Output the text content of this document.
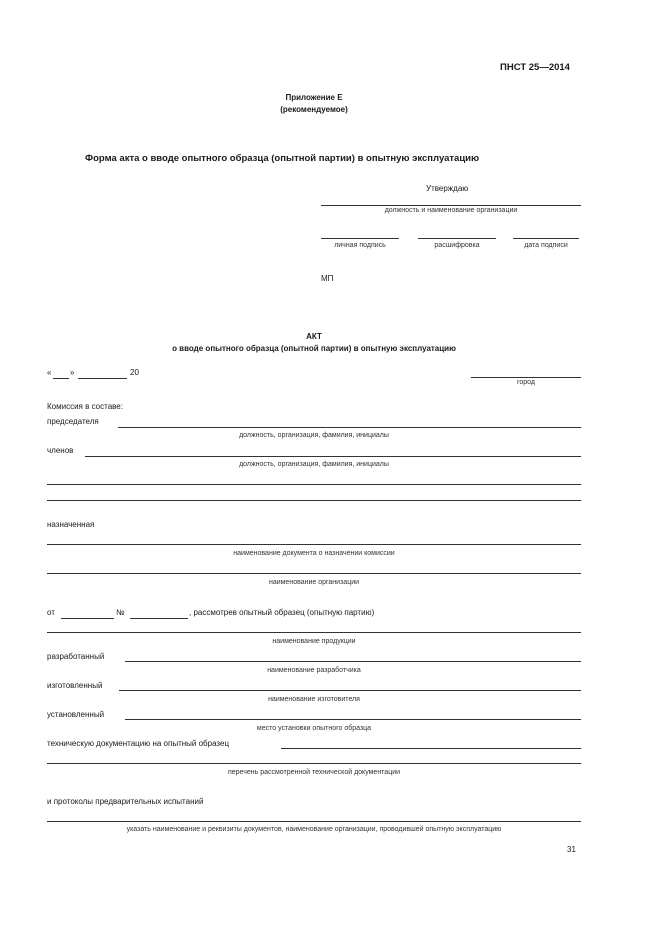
ПНСТ 25—2014
Приложение Е
(рекомендуемое)
Форма акта о вводе опытного образца (опытной партии) в опытную эксплуатацию
Утверждаю
должность и наименование организации
личная подпись	расшифровка	дата подписи
МП
АКТ
о вводе опытного образца (опытной партии) в опытную эксплуатацию
« »	20
город
Комиссия в составе:
председателя
должность, организация, фамилия, инициалы
членов
должность, организация, фамилия, инициалы
назначенная
наименование документа о назначении комиссии
наименование организации
от	№	, рассмотрев опытный образец (опытную партию)
наименование продукции
разработанный
наименование разработчика
изготовленный
наименование изготовителя
установленный
место установки опытного образца
техническую документацию на опытный образец
перечень рассмотренной технической документации
и протоколы предварительных испытаний
указать наименование и реквизиты документов, наименование организации, проводившей опытную эксплуатацию
31
